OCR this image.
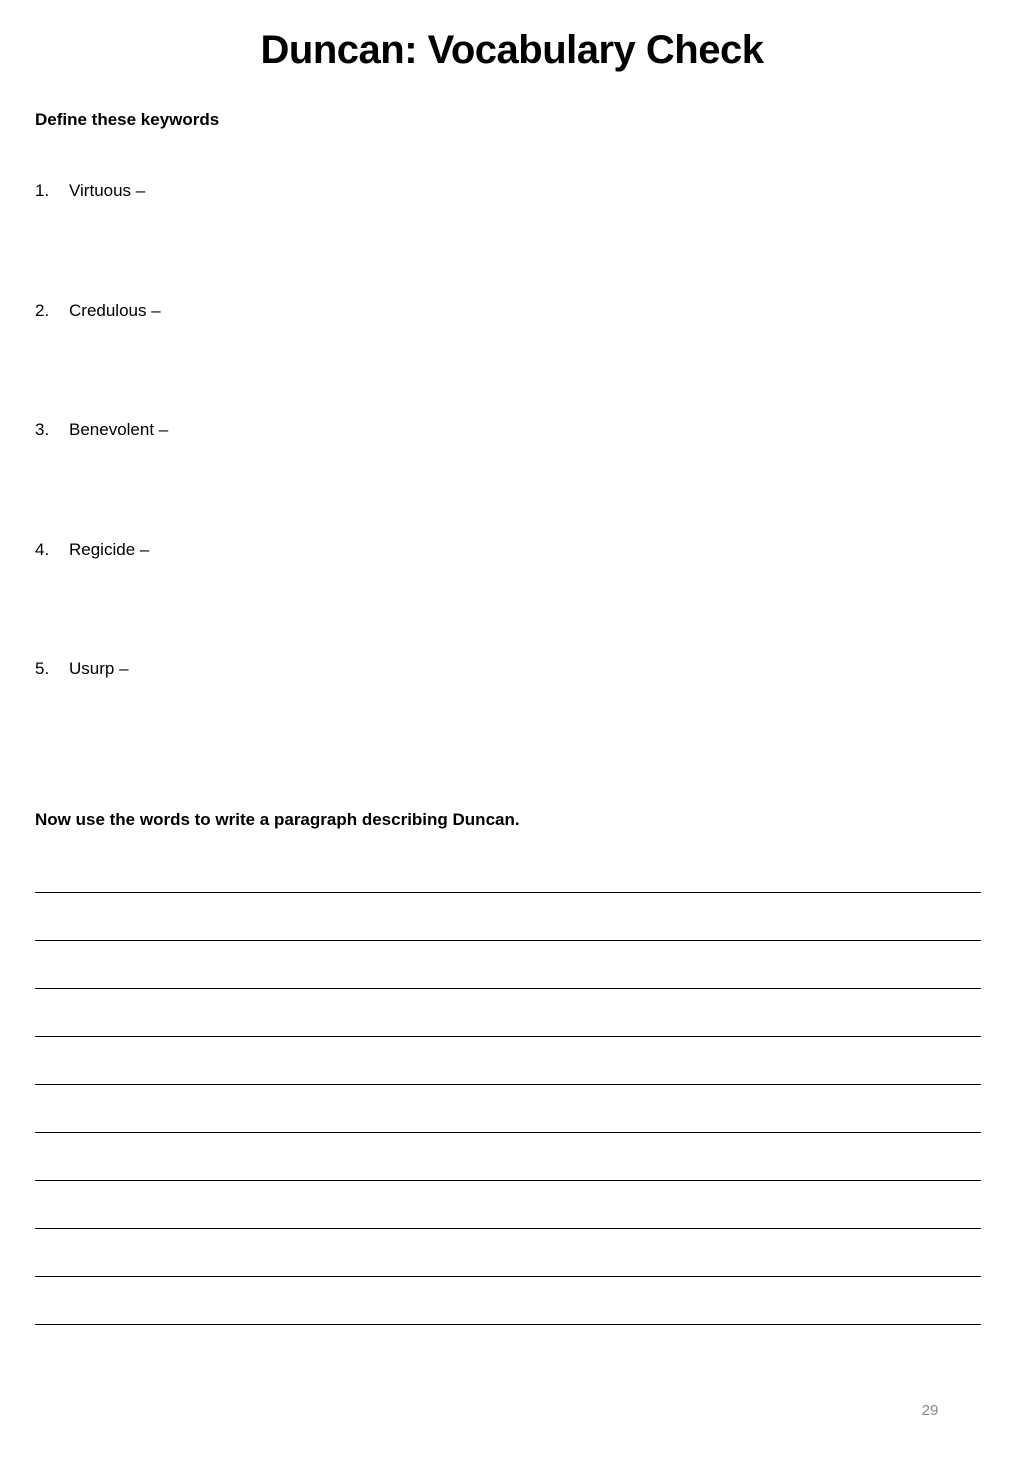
Duncan: Vocabulary Check

Define these keywords

1.	Virtuous –
2.	Credulous –
3.	Benevolent –
4.	Regicide –
5.	Usurp –

Now use the words to write a paragraph describing Duncan.

29
